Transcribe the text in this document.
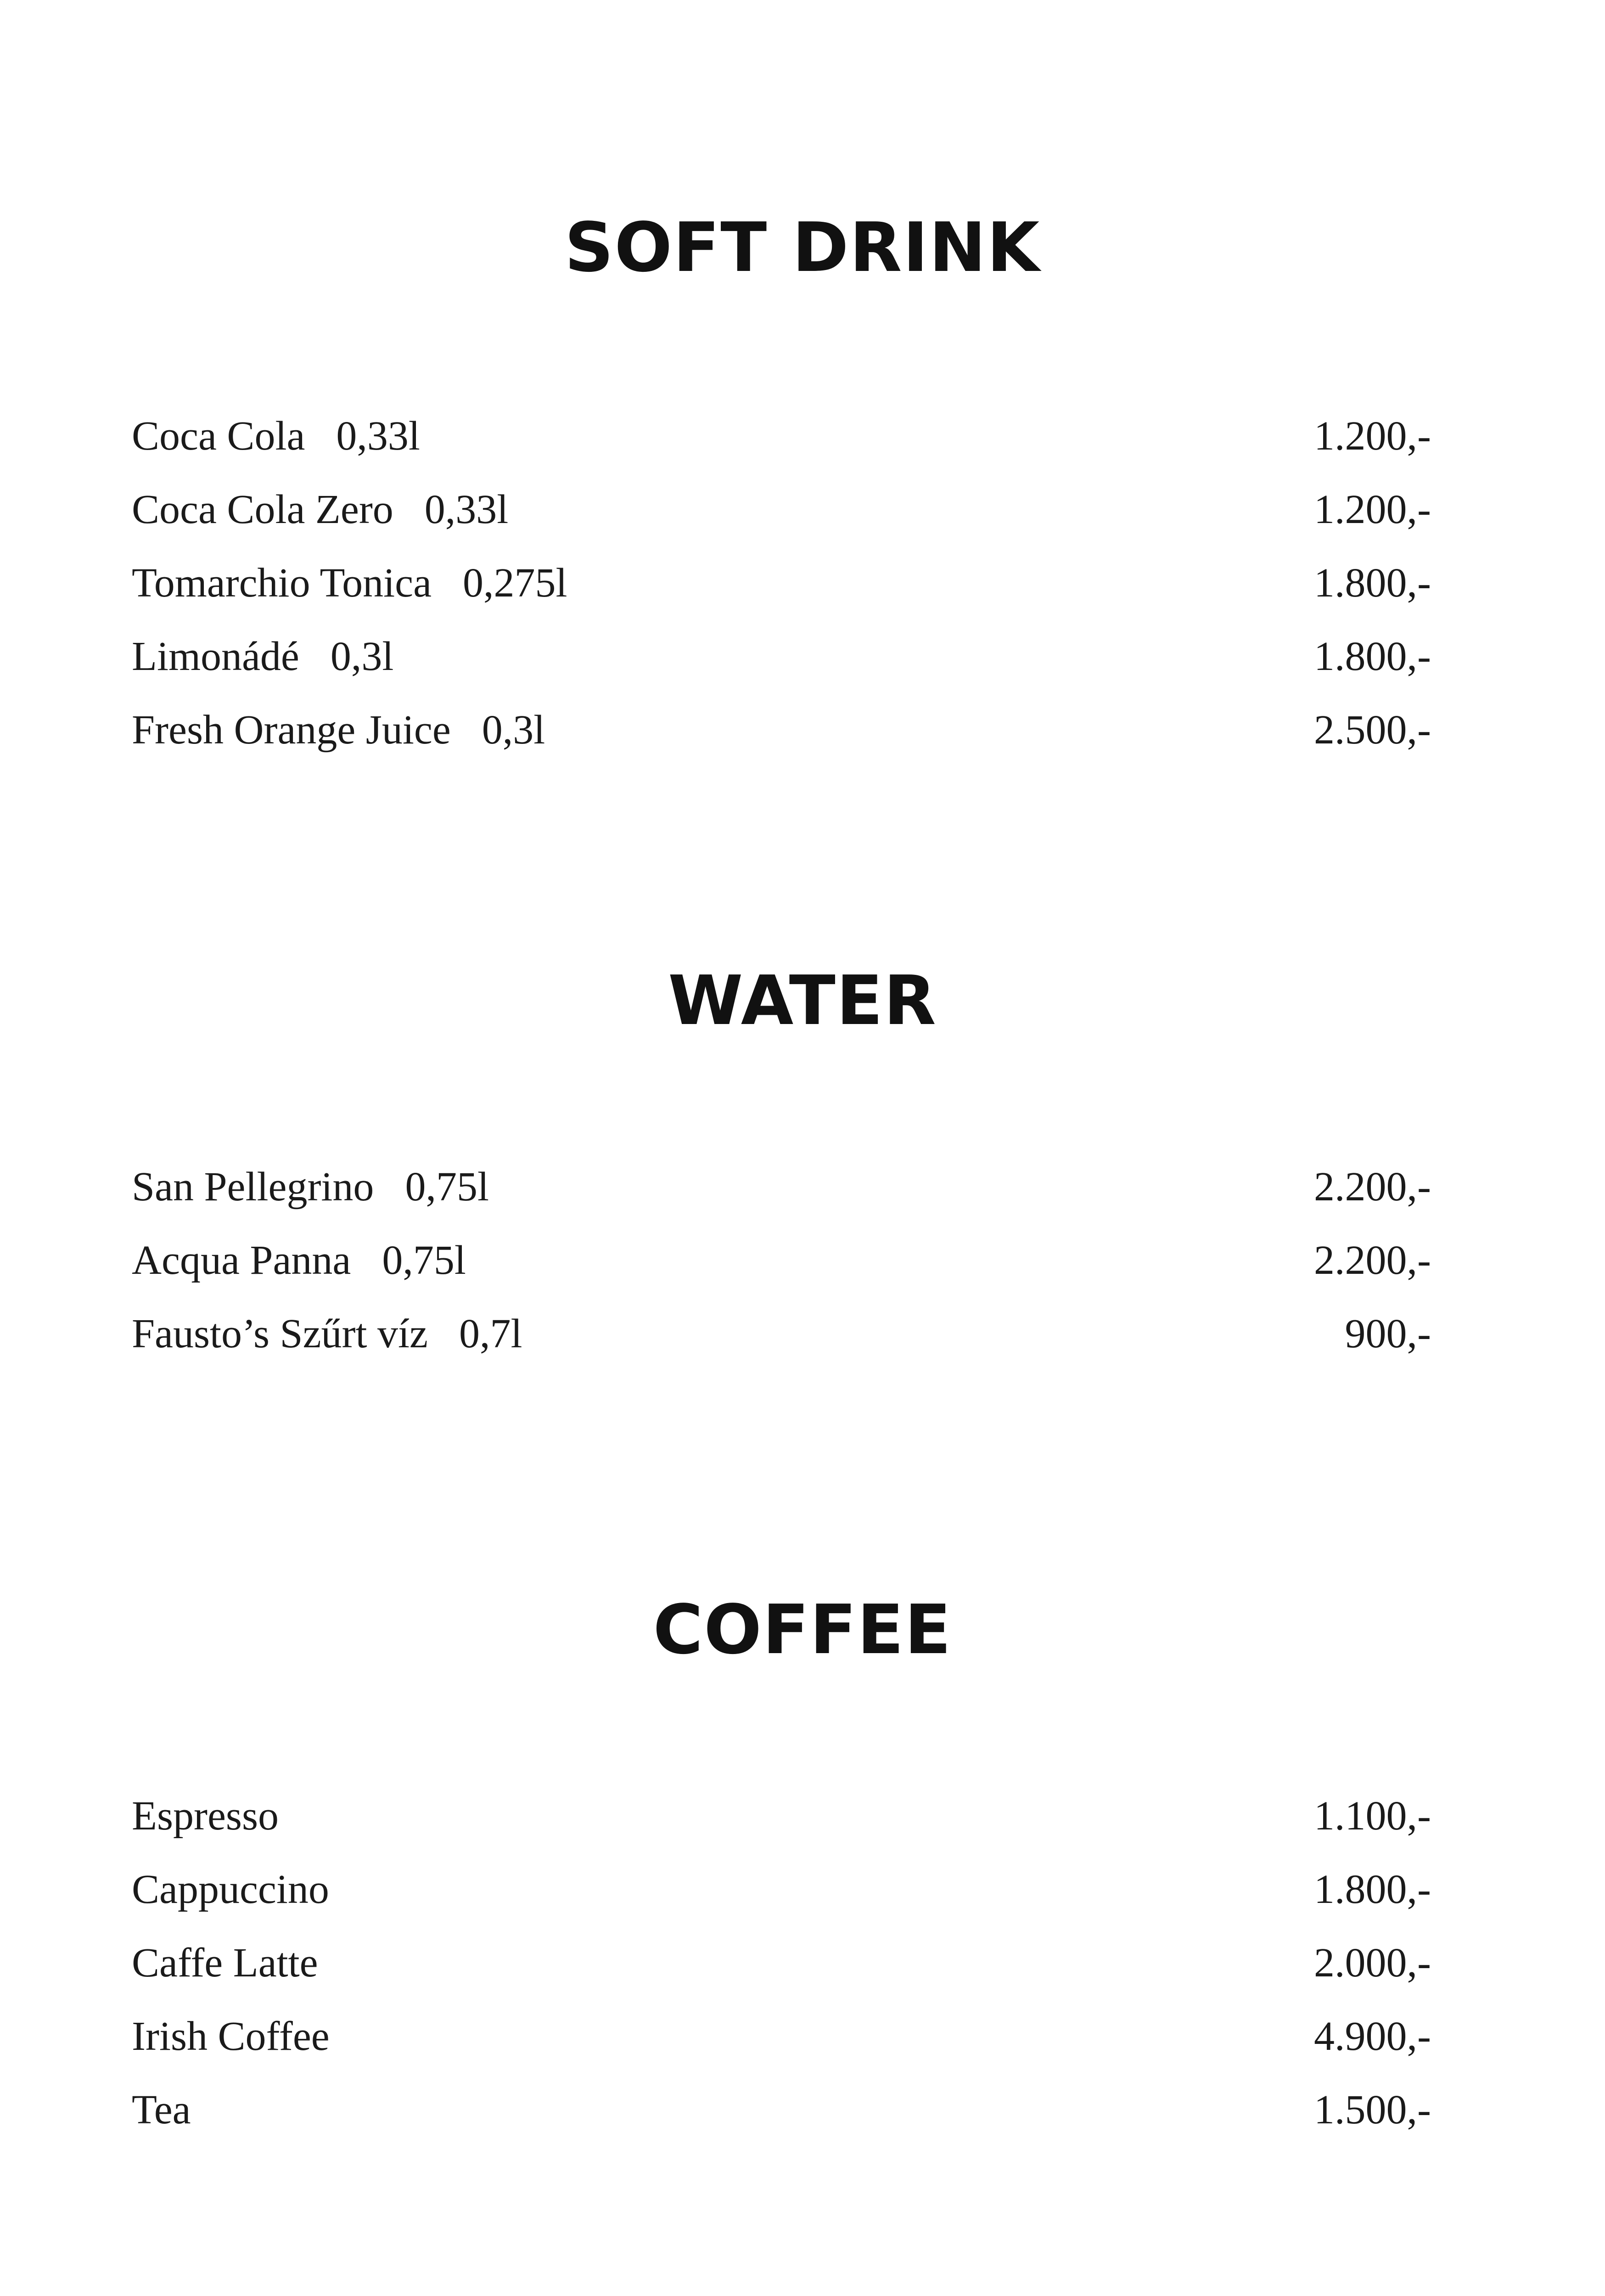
SOFT DRINK
Coca Cola 0,33l	1.200,-
Coca Cola Zero 0,33l	1.200,-
Tomarchio Tonica 0,275l	1.800,-
Limonádé 0,3l	1.800,-
Fresh Orange Juice 0,3l	2.500,-
WATER
San Pellegrino 0,75l	2.200,-
Acqua Panna 0,75l	2.200,-
Fausto’s Szűrt víz 0,7l	900,-
COFFEE
Espresso	1.100,-
Cappuccino	1.800,-
Caffe Latte	2.000,-
Irish Coffee	4.900,-
Tea	1.500,-
